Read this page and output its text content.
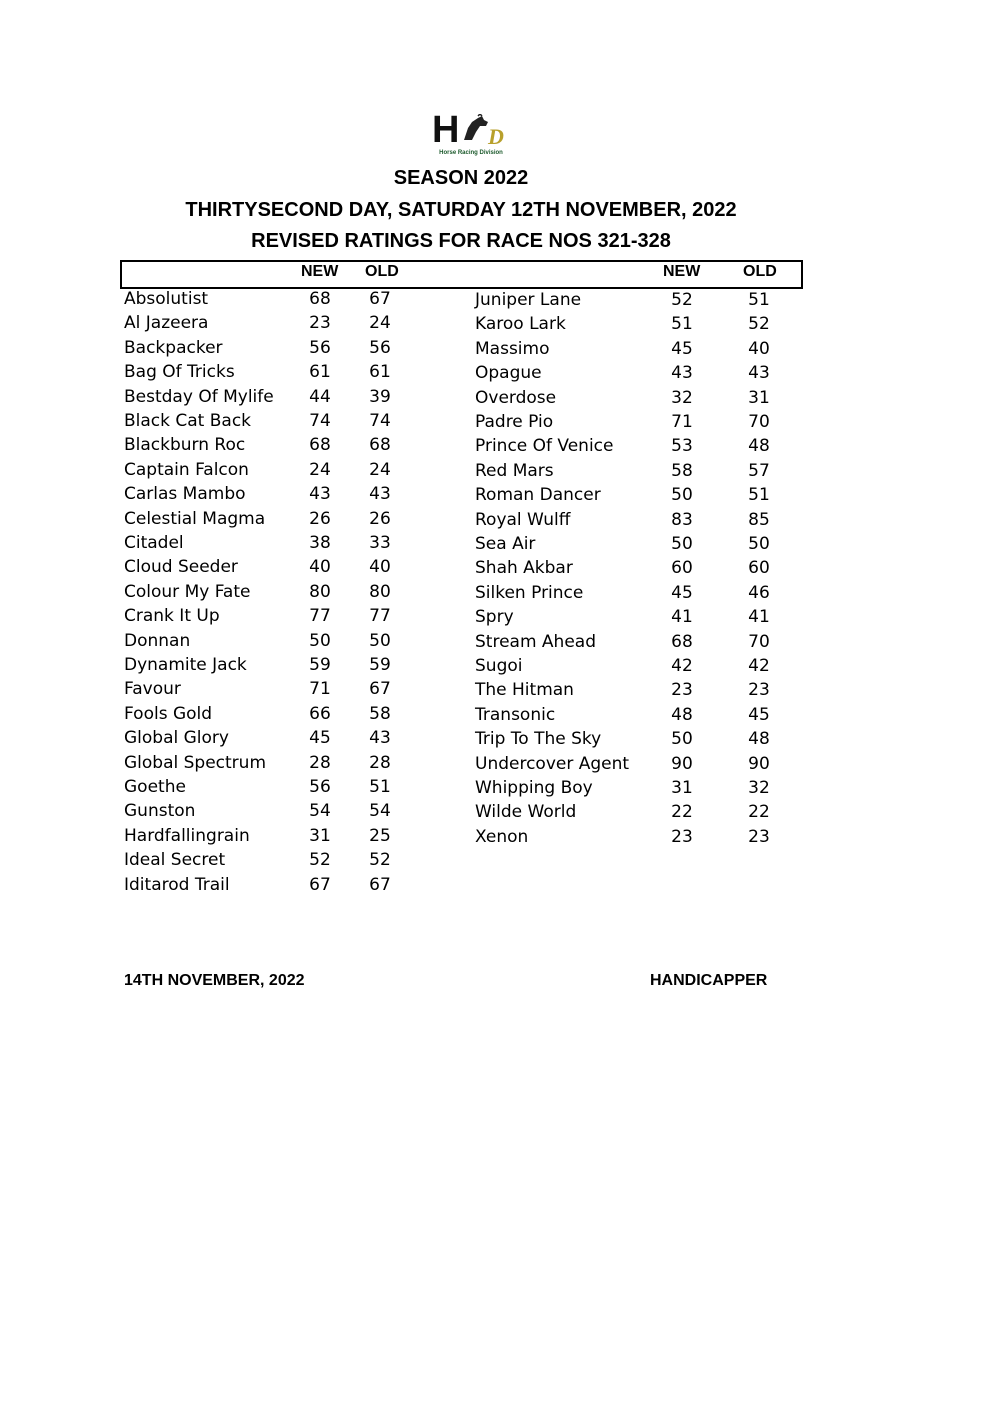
H D
Horse Racing Division
SEASON 2022
THIRTYSECOND DAY, SATURDAY 12TH NOVEMBER, 2022
REVISED RATINGS FOR RACE NOS 321-328
NEW OLD	NEW	OLD
Absolutist	68	67
Al Jazeera	23	24
Backpacker	56	56
Bag Of Tricks	61	61
Bestday Of Mylife	44	39
Black Cat Back	74	74
Blackburn Roc	68	68
Captain Falcon	24	24
Carlas Mambo	43	43
Celestial Magma	26	26
Citadel	38	33
Cloud Seeder	40	40
Colour My Fate	80	80
Crank It Up	77	77
Donnan	50	50
Dynamite Jack	59	59
Favour	71	67
Fools Gold	66	58
Global Glory	45	43
Global Spectrum	28	28
Goethe	56	51
Gunston	54	54
Hardfallingrain	31	25
Ideal Secret	52	52
Iditarod Trail	67	67
Juniper Lane	52	51
Karoo Lark	51	52
Massimo	45	40
Opague	43	43
Overdose	32	31
Padre Pio	71	70
Prince Of Venice	53	48
Red Mars	58	57
Roman Dancer	50	51
Royal Wulff	83	85
Sea Air	50	50
Shah Akbar	60	60
Silken Prince	45	46
Spry	41	41
Stream Ahead	68	70
Sugoi	42	42
The Hitman	23	23
Transonic	48	45
Trip To The Sky	50	48
Undercover Agent	90	90
Whipping Boy	31	32
Wilde World	22	22
Xenon	23	23
14TH NOVEMBER, 2022	HANDICAPPER
